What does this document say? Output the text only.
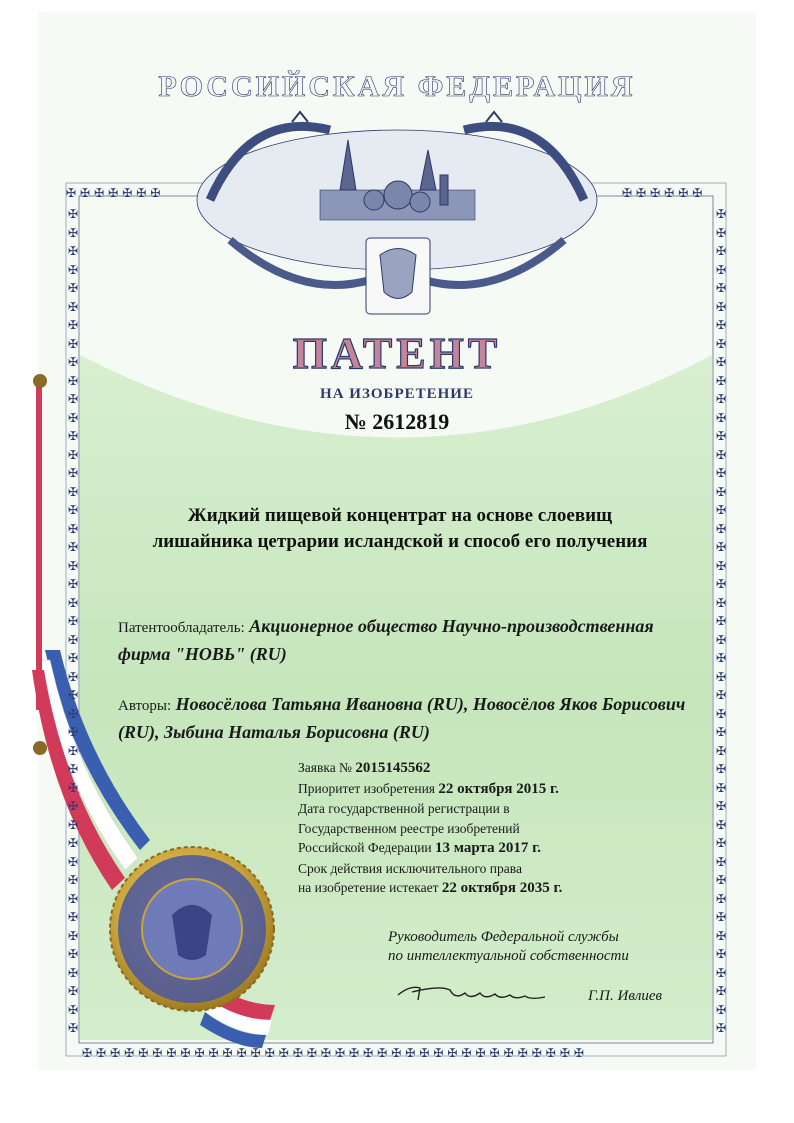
✠✠✠✠✠✠✠	✠✠✠✠✠✠
✠✠✠✠✠✠✠✠✠✠✠✠✠✠✠✠✠✠✠✠✠✠✠✠✠✠✠✠✠✠✠✠✠✠✠✠
✠
✠
✠
✠
✠
✠
✠
✠
✠
✠
✠
✠
✠
✠
✠
✠
✠
✠
✠
✠
✠
✠
✠
✠
✠
✠
✠
✠
✠
✠
✠
✠
✠
✠
✠
✠
✠
✠
✠
✠
✠
✠
✠
✠
✠
✠
✠
✠
✠
✠
✠
✠
✠
✠
✠
✠
✠
✠
✠
✠
✠
✠
✠
✠
✠
✠
✠
✠
✠
✠
✠
✠
✠
✠
✠
✠
✠
✠
✠
✠
✠
✠
✠
✠
✠
✠
✠
✠
✠
✠
РОССИЙСКАЯ ФЕДЕРАЦИЯ
ПАТЕНТ
НА ИЗОБРЕТЕНИЕ
№ 2612819
Жидкий пищевой концентрат на основе слоевищ
лишайника цетрарии исландской и способ его получения
Патентообладатель: Акционерное общество Научно-производственная фирма "НОВЬ" (RU)
Авторы: Новосёлова Татьяна Ивановна (RU), Новосёлов Яков Борисович (RU), Зыбина Наталья Борисовна (RU)
Заявка № 2015145562
Приоритет изобретения 22 октября 2015 г.
Дата государственной регистрации в
Государственном реестре изобретений
Российской Федерации 13 марта 2017 г.
Срок действия исключительного права
на изобретение истекает 22 октября 2035 г.
Руководитель Федеральной службы
по интеллектуальной собственности
Г.П. Ивлиев
